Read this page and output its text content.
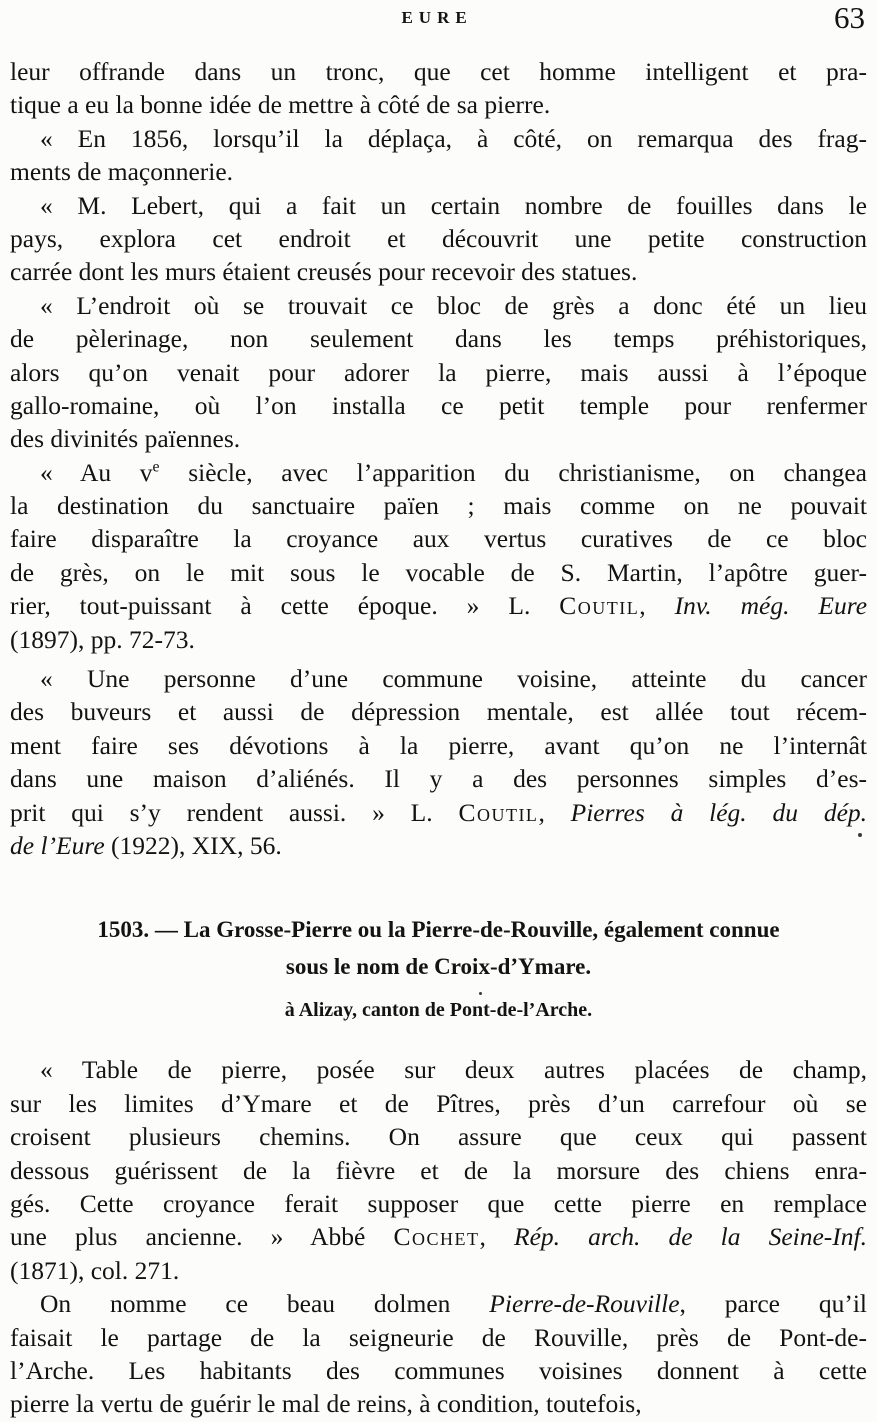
EURE	63
leur offrande dans un tronc, que cet homme intelligent et pra-
tique a eu la bonne idée de mettre à côté de sa pierre.
« En 1856, lorsqu’il la déplaça, à côté, on remarqua des frag-
ments de maçonnerie.
« M. Lebert, qui a fait un certain nombre de fouilles dans le
pays, explora cet endroit et découvrit une petite construction
carrée dont les murs étaient creusés pour recevoir des statues.
« L’endroit où se trouvait ce bloc de grès a donc été un lieu
de pèlerinage, non seulement dans les temps préhistoriques,
alors qu’on venait pour adorer la pierre, mais aussi à l’époque
gallo-romaine, où l’on installa ce petit temple pour renfermer
des divinités païennes.
« Au $v^e$ siècle, avec l’apparition du christianisme, on changea
la destination du sanctuaire païen ; mais comme on ne pouvait
faire disparaître la croyance aux vertus curatives de ce bloc
de grès, on le mit sous le vocable de S. Martin, l’apôtre guer-
rier, tout-puissant à cette époque. » L. Coutil, Inv. még. Eure
(1897), pp. 72-73.
« Une personne d’une commune voisine, atteinte du cancer
des buveurs et aussi de dépression mentale, est allée tout récem-
ment faire ses dévotions à la pierre, avant qu’on ne l’internât
dans une maison d’aliénés. Il y a des personnes simples d’es-
prit qui s’y rendent aussi. » L. Coutil, Pierres à lég. du dép.
de l’Eure (1922), XIX, 56.
1503. — La Grosse-Pierre ou la Pierre-de-Rouville, également connue
sous le nom de Croix-d’Ymare.
à Alizay, canton de Pont-de-l’Arche.
« Table de pierre, posée sur deux autres placées de champ,
sur les limites d’Ymare et de Pîtres, près d’un carrefour où se
croisent plusieurs chemins. On assure que ceux qui passent
dessous guérissent de la fièvre et de la morsure des chiens enra-
gés. Cette croyance ferait supposer que cette pierre en remplace
une plus ancienne. » Abbé Cochet, Rép. arch. de la Seine-Inf.
(1871), col. 271.
On nomme ce beau dolmen Pierre-de-Rouville, parce qu’il
faisait le partage de la seigneurie de Rouville, près de Pont-de-
l’Arche. Les habitants des communes voisines donnent à cette
pierre la vertu de guérir le mal de reins, à condition, toutefois,
